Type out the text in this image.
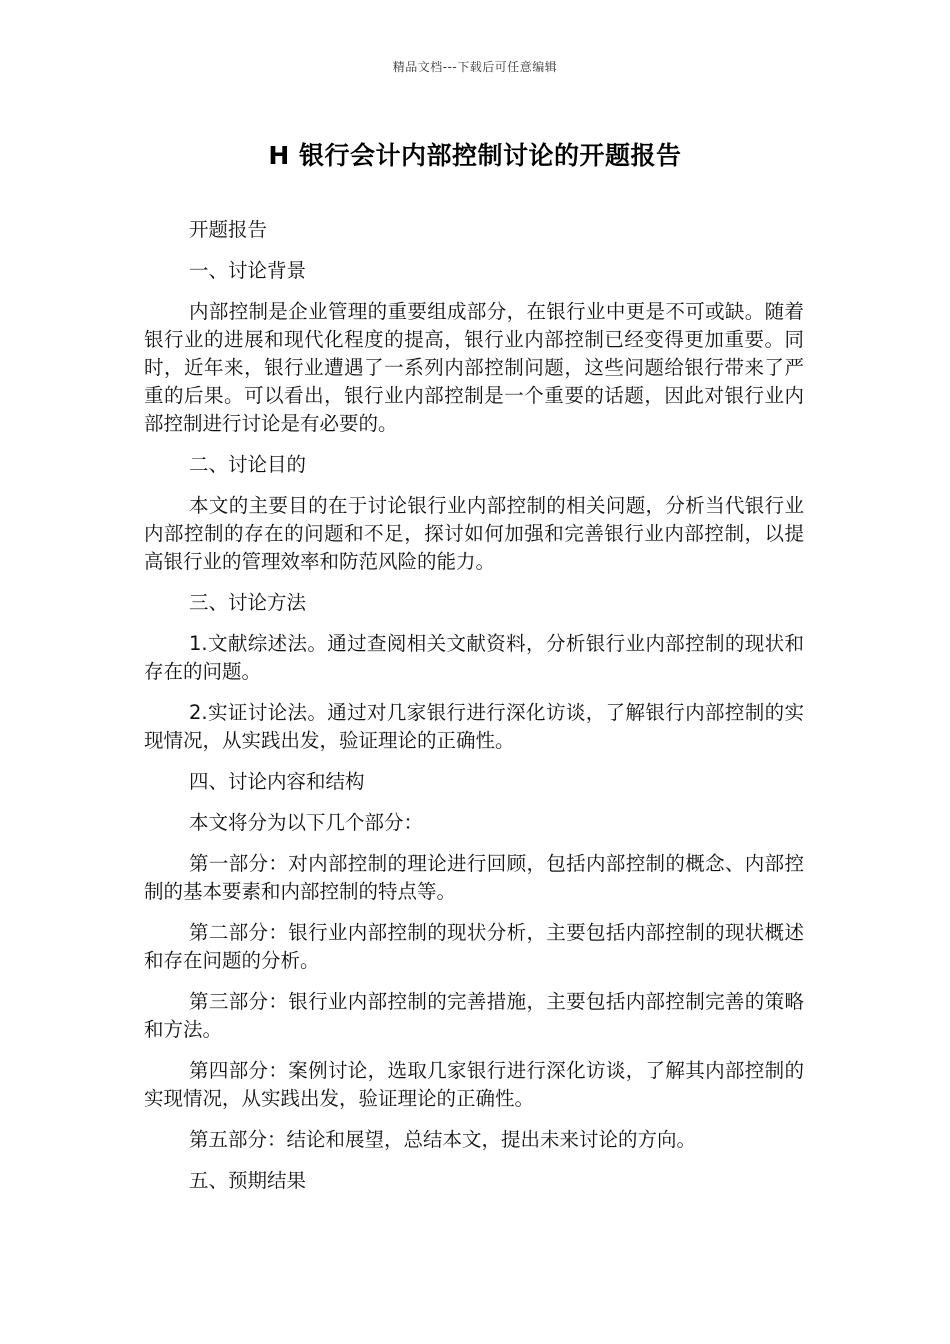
精品文档---下载后可任意编辑
H 银行会计内部控制讨论的开题报告

开题报告

一、讨论背景

内部控制是企业管理的重要组成部分，在银行业中更是不可或缺。随着银行业的进展和现代化程度的提高，银行业内部控制已经变得更加重要。同时，近年来，银行业遭遇了一系列内部控制问题，这些问题给银行带来了严重的后果。可以看出，银行业内部控制是一个重要的话题，因此对银行业内部控制进行讨论是有必要的。

二、讨论目的

本文的主要目的在于讨论银行业内部控制的相关问题，分析当代银行业内部控制的存在的问题和不足，探讨如何加强和完善银行业内部控制，以提高银行业的管理效率和防范风险的能力。

三、讨论方法

1.文献综述法。通过查阅相关文献资料，分析银行业内部控制的现状和存在的问题。

2.实证讨论法。通过对几家银行进行深化访谈，了解银行内部控制的实现情况，从实践出发，验证理论的正确性。

四、讨论内容和结构

本文将分为以下几个部分：

第一部分：对内部控制的理论进行回顾，包括内部控制的概念、内部控制的基本要素和内部控制的特点等。

第二部分：银行业内部控制的现状分析，主要包括内部控制的现状概述和存在问题的分析。

第三部分：银行业内部控制的完善措施，主要包括内部控制完善的策略和方法。

第四部分：案例讨论，选取几家银行进行深化访谈，了解其内部控制的实现情况，从实践出发，验证理论的正确性。

第五部分：结论和展望，总结本文，提出未来讨论的方向。

五、预期结果
